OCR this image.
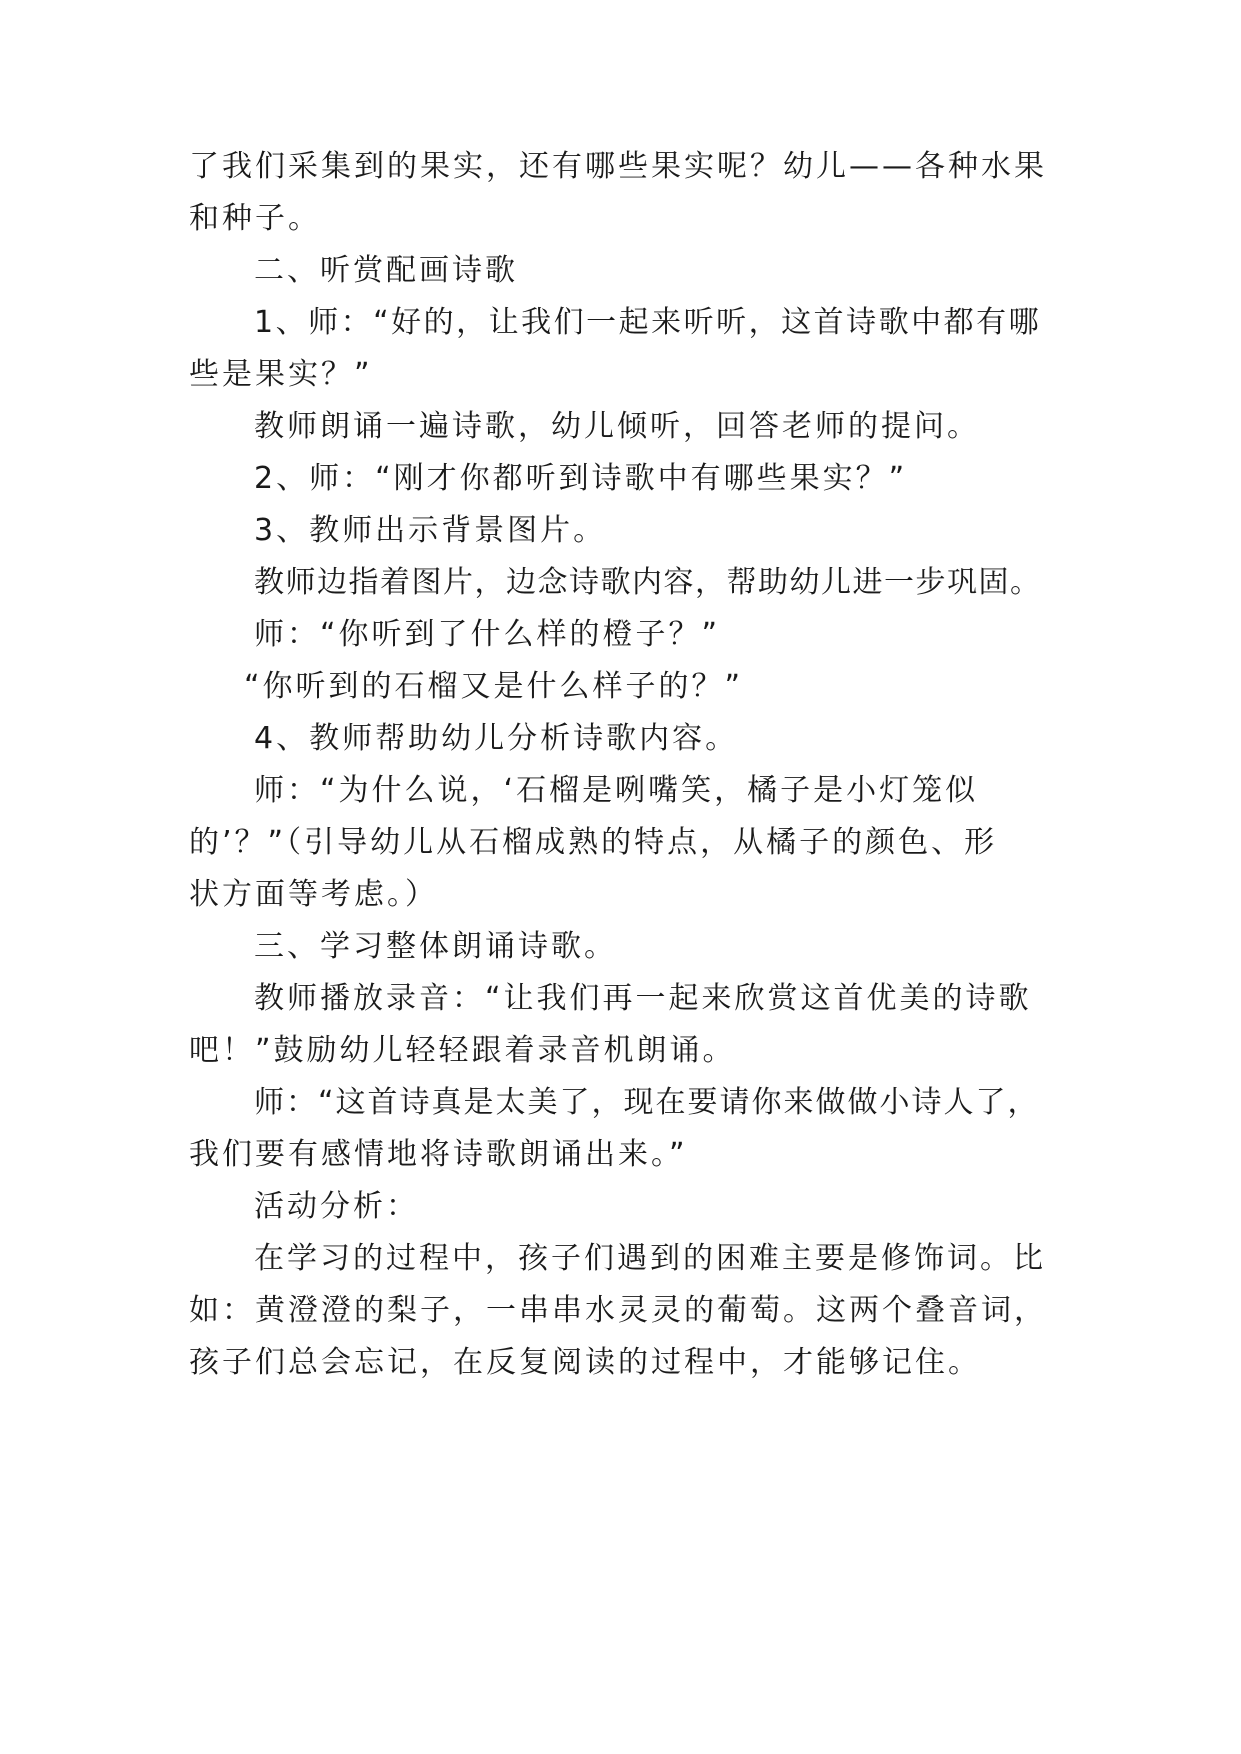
了我们采集到的果实，还有哪些果实呢？幼儿——各种水果
和种子。
二、听赏配画诗歌
1、师：“好的，让我们一起来听听，这首诗歌中都有哪
些是果实？”
教师朗诵一遍诗歌，幼儿倾听，回答老师的提问。
2、师：“刚才你都听到诗歌中有哪些果实？”
3、教师出示背景图片。
教师边指着图片，边念诗歌内容，帮助幼儿进一步巩固。
师：“你听到了什么样的橙子？”
“你听到的石榴又是什么样子的？”
4、教师帮助幼儿分析诗歌内容。
师：“为什么说，‘石榴是咧嘴笑，橘子是小灯笼似
的’？”（引导幼儿从石榴成熟的特点，从橘子的颜色、形
状方面等考虑。）
三、学习整体朗诵诗歌。
教师播放录音：“让我们再一起来欣赏这首优美的诗歌
吧！”鼓励幼儿轻轻跟着录音机朗诵。
师：“这首诗真是太美了，现在要请你来做做小诗人了，
我们要有感情地将诗歌朗诵出来。”
活动分析：
在学习的过程中，孩子们遇到的困难主要是修饰词。比
如：黄澄澄的梨子，一串串水灵灵的葡萄。这两个叠音词，
孩子们总会忘记，在反复阅读的过程中，才能够记住。
